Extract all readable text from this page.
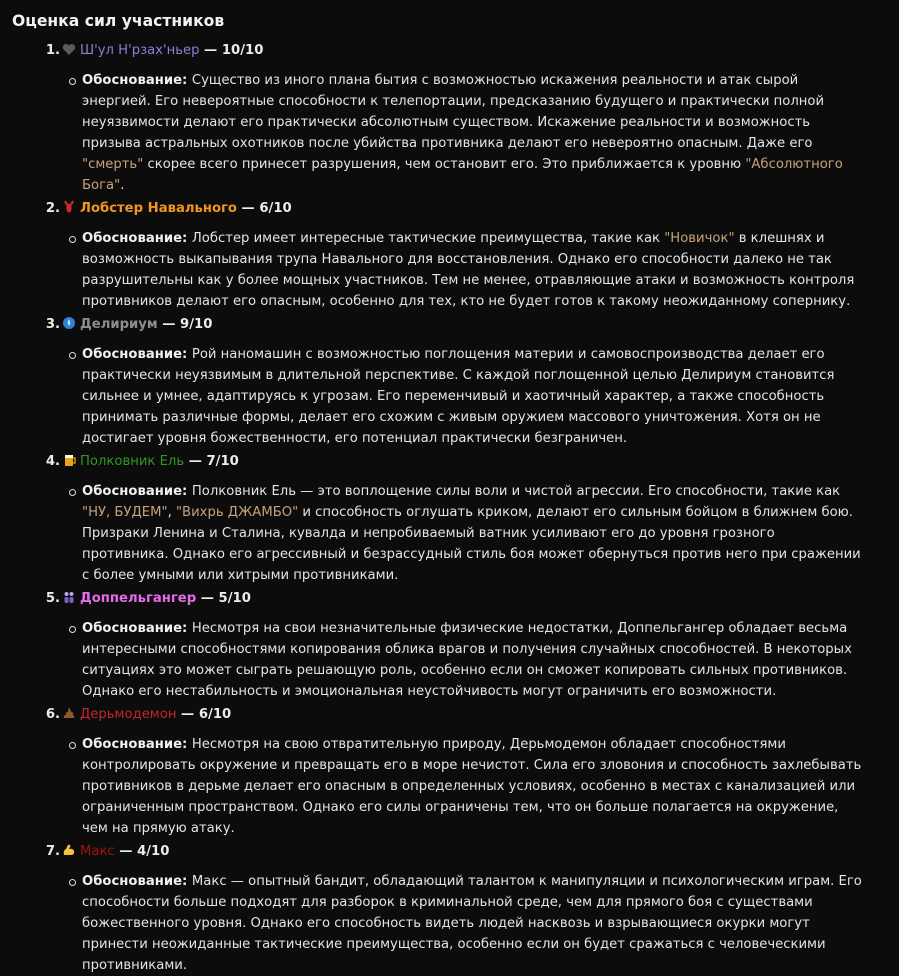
Оценка сил участников
1. Ш'ул Н'рзах'ньер — 10/10
Обоснование: Существо из иного плана бытия с возможностью искажения реальности и атак сырой энергией. Его невероятные способности к телепортации, предсказанию будущего и практически полной неуязвимости делают его практически абсолютным существом. Искажение реальности и возможность призыва астральных охотников после убийства противника делают его невероятно опасным. Даже его "смерть" скорее всего принесет разрушения, чем остановит его. Это приближается к уровню "Абсолютного Бога".
2. Лобстер Навального — 6/10
Обоснование: Лобстер имеет интересные тактические преимущества, такие как "Новичок" в клешнях и возможность выкапывания трупа Навального для восстановления. Однако его способности далеко не так разрушительны как у более мощных участников. Тем не менее, отравляющие атаки и возможность контроля противников делают его опасным, особенно для тех, кто не будет готов к такому неожиданному сопернику.
3. Делириум — 9/10
Обоснование: Рой наномашин с возможностью поглощения материи и самовоспроизводства делает его практически неуязвимым в длительной перспективе. С каждой поглощенной целью Делириум становится сильнее и умнее, адаптируясь к угрозам. Его переменчивый и хаотичный характер, а также способность принимать различные формы, делает его схожим с живым оружием массового уничтожения. Хотя он не достигает уровня божественности, его потенциал практически безграничен.
4. Полковник Ель — 7/10
Обоснование: Полковник Ель — это воплощение силы воли и чистой агрессии. Его способности, такие как "НУ, БУДЕМ", "Вихрь ДЖАМБО" и способность оглушать криком, делают его сильным бойцом в ближнем бою. Призраки Ленина и Сталина, кувалда и непробиваемый ватник усиливают его до уровня грозного противника. Однако его агрессивный и безрассудный стиль боя может обернуться против него при сражении с более умными или хитрыми противниками.
5. Доппельгангер — 5/10
Обоснование: Несмотря на свои незначительные физические недостатки, Доппельгангер обладает весьма интересными способностями копирования облика врагов и получения случайных способностей. В некоторых ситуациях это может сыграть решающую роль, особенно если он сможет копировать сильных противников. Однако его нестабильность и эмоциональная неустойчивость могут ограничить его возможности.
6. Дерьмодемон — 6/10
Обоснование: Несмотря на свою отвратительную природу, Дерьмодемон обладает способностями контролировать окружение и превращать его в море нечистот. Сила его зловония и способность захлебывать противников в дерьме делает его опасным в определенных условиях, особенно в местах с канализацией или ограниченным пространством. Однако его силы ограничены тем, что он больше полагается на окружение, чем на прямую атаку.
7. Макс — 4/10
Обоснование: Макс — опытный бандит, обладающий талантом к манипуляции и психологическим играм. Его способности больше подходят для разборок в криминальной среде, чем для прямого боя с существами божественного уровня. Однако его способность видеть людей насквозь и взрывающиеся окурки могут принести неожиданные тактические преимущества, особенно если он будет сражаться с человеческими противниками.
